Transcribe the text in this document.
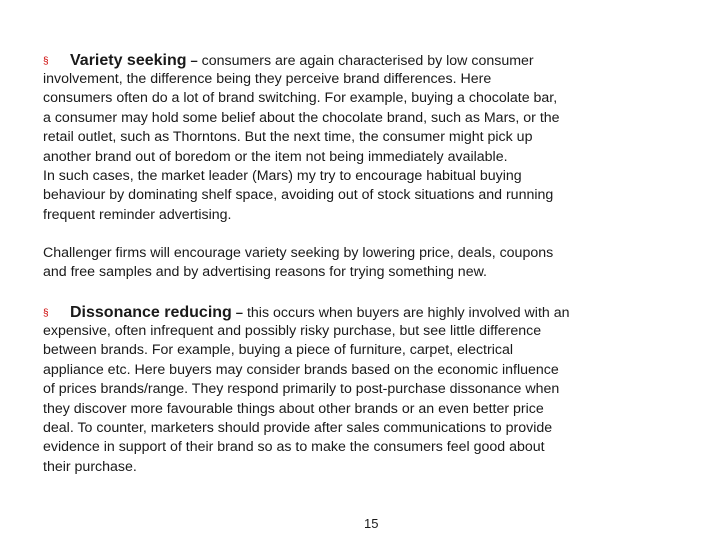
§ Variety seeking – consumers are again characterised by low consumer

involvement, the difference being they perceive brand differences. Here
consumers often do a lot of brand switching. For example, buying a chocolate bar,
a consumer may hold some belief about the chocolate brand, such as Mars, or the
retail outlet, such as Thorntons. But the next time, the consumer might pick up
another brand out of boredom or the item not being immediately available.
In such cases, the market leader (Mars) my try to encourage habitual buying
behaviour by dominating shelf space, avoiding out of stock situations and running
frequent reminder advertising.

Challenger firms will encourage variety seeking by lowering price, deals, coupons
and free samples and by advertising reasons for trying something new.

§ Dissonance reducing – this occurs when buyers are highly involved with an

expensive, often infrequent and possibly risky purchase, but see little difference
between brands. For example, buying a piece of furniture, carpet, electrical
appliance etc. Here buyers may consider brands based on the economic influence
of prices brands/range. They respond primarily to post-purchase dissonance when
they discover more favourable things about other brands or an even better price
deal. To counter, marketers should provide after sales communications to provide
evidence in support of their brand so as to make the consumers feel good about
their purchase.

15
